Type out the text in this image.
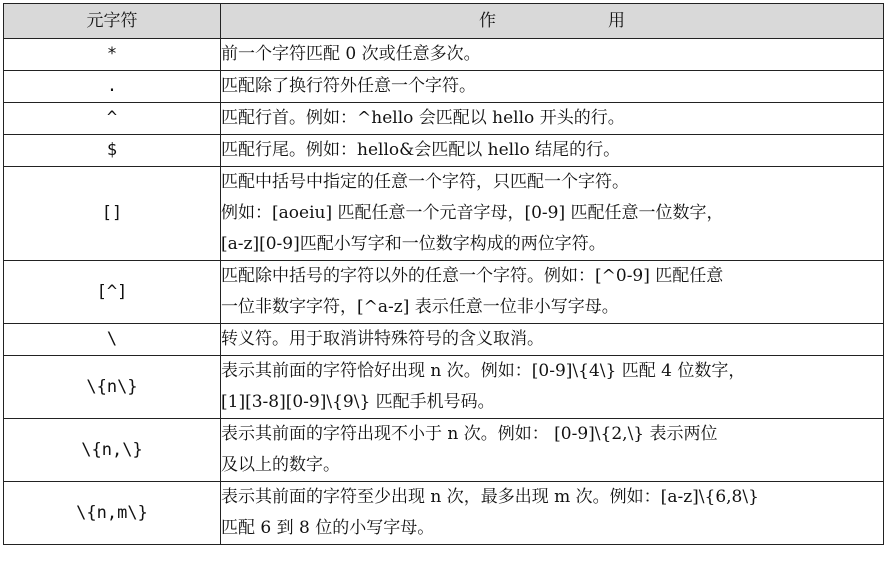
元字符	作 用
*	前一个字符匹配 0 次或任意多次。

.	匹配除了换行符外任意一个字符。

^	匹配行首。例如：^hello 会匹配以 hello 开头的行。

$	匹配行尾。例如：hello&会匹配以 hello 结尾的行。

[]	匹配中括号中指定的任意一个字符，只匹配一个字符。
例如：[aoeiu] 匹配任意一个元音字母，[0-9] 匹配任意一位数字，
[a-z][0-9]匹配小写字和一位数字构成的两位字符。

[^]	匹配除中括号的字符以外的任意一个字符。例如：[^0-9] 匹配任意
一位非数字字符，[^a-z] 表示任意一位非小写字母。

\	转义符。用于取消讲特殊符号的含义取消。

\{n\}	表示其前面的字符恰好出现 n 次。例如：[0-9]\{4\} 匹配 4 位数字，
[1][3-8][0-9]\{9\} 匹配手机号码。

\{n,\}	表示其前面的字符出现不小于 n 次。例如： [0-9]\{2,\} 表示两位
及以上的数字。

\{n,m\}	表示其前面的字符至少出现 n 次，最多出现 m 次。例如：[a-z]\{6,8\}
匹配 6 到 8 位的小写字母。
